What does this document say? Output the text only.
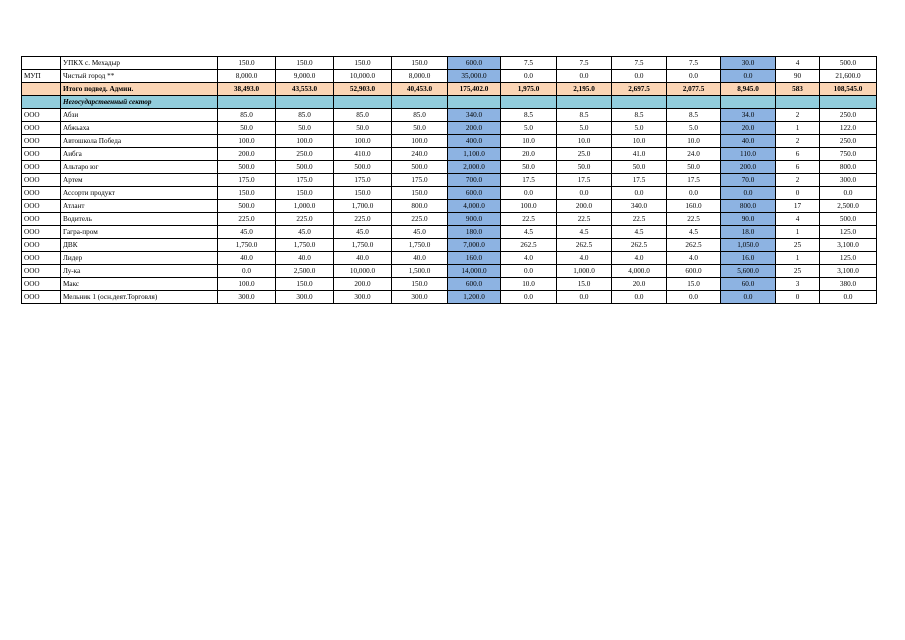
	УПКХ с. Мехадыр	150.0	150.0	150.0	150.0	600.0	7.5	7.5	7.5	7.5	30.0	4	500.0
МУП	Чистый город **	8,000.0	9,000.0	10,000.0	8,000.0	35,000.0	0.0	0.0	0.0	0.0	0.0	90	21,600.0
	Итого подвед. Админ.	38,493.0	43,553.0	52,903.0	40,453.0	175,402.0	1,975.0	2,195.0	2,697.5	2,077.5	8,945.0	583	108,545.0
	Негосударственный сектор												
ООО	Абзи	85.0	85.0	85.0	85.0	340.0	8.5	8.5	8.5	8.5	34.0	2	250.0
ООО	Абжьаха	50.0	50.0	50.0	50.0	200.0	5.0	5.0	5.0	5.0	20.0	1	122.0
ООО	Автошкола Победа	100.0	100.0	100.0	100.0	400.0	10.0	10.0	10.0	10.0	40.0	2	250.0
ООО	Аибга	200.0	250.0	410.0	240.0	1,100.0	20.0	25.0	41.0	24.0	110.0	6	750.0
ООО	Альтаро юг	500.0	500.0	500.0	500.0	2,000.0	50.0	50.0	50.0	50.0	200.0	6	800.0
ООО	Артем	175.0	175.0	175.0	175.0	700.0	17.5	17.5	17.5	17.5	70.0	2	300.0
ООО	Ассорти продукт	150.0	150.0	150.0	150.0	600.0	0.0	0.0	0.0	0.0	0.0	0	0.0
ООО	Атлант	500.0	1,000.0	1,700.0	800.0	4,000.0	100.0	200.0	340.0	160.0	800.0	17	2,500.0
ООО	Водитель	225.0	225.0	225.0	225.0	900.0	22.5	22.5	22.5	22.5	90.0	4	500.0
ООО	Гагра-пром	45.0	45.0	45.0	45.0	180.0	4.5	4.5	4.5	4.5	18.0	1	125.0
ООО	ДВК	1,750.0	1,750.0	1,750.0	1,750.0	7,000.0	262.5	262.5	262.5	262.5	1,050.0	25	3,100.0
ООО	Лидер	40.0	40.0	40.0	40.0	160.0	4.0	4.0	4.0	4.0	16.0	1	125.0
ООО	Лу-ка	0.0	2,500.0	10,000.0	1,500.0	14,000.0	0.0	1,000.0	4,000.0	600.0	5,600.0	25	3,100.0
ООО	Макс	100.0	150.0	200.0	150.0	600.0	10.0	15.0	20.0	15.0	60.0	3	380.0
ООО	Мельник 1 (осн.деят.Торговля)	300.0	300.0	300.0	300.0	1,200.0	0.0	0.0	0.0	0.0	0.0	0	0.0
